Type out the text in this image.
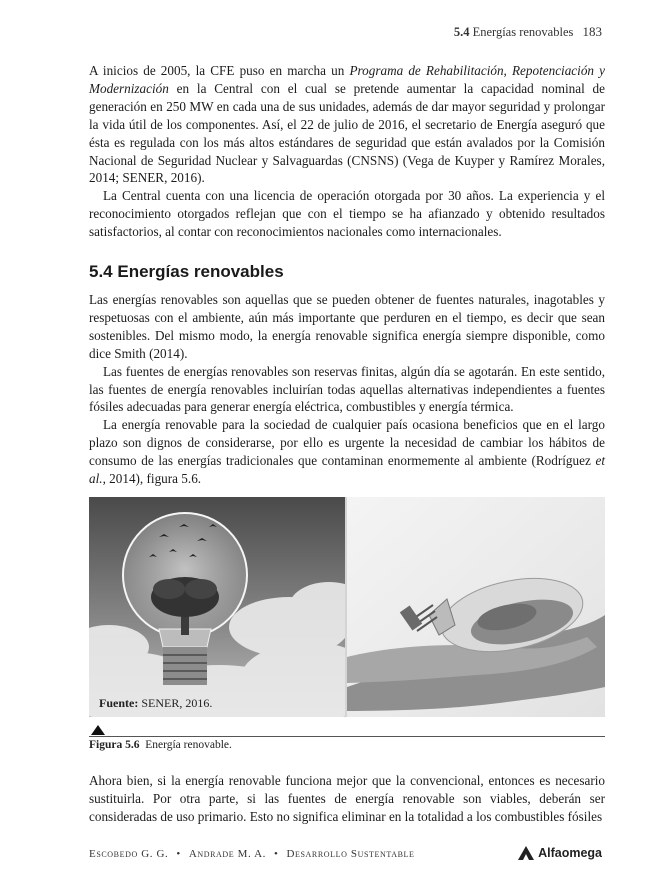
5.4 Energías renovables 183

A inicios de 2005, la CFE puso en marcha un Programa de Rehabilitación, Repotenciación y Modernización en la Central con el cual se pretende aumentar la capacidad nominal de generación en 250 MW en cada una de sus unidades, además de dar mayor seguridad y prolongar la vida útil de los componentes. Así, el 22 de julio de 2016, el secretario de Energía aseguró que ésta es regulada con los más altos estándares de seguridad que están avalados por la Comisión Nacional de Seguridad Nuclear y Salvaguardas (CNSNS) (Vega de Kuyper y Ramírez Morales, 2014; SENER, 2016).

La Central cuenta con una licencia de operación otorgada por 30 años. La experiencia y el reconocimiento otorgados reflejan que con el tiempo se ha afianzado y obtenido resultados satisfactorios, al contar con reconocimientos nacionales como internacionales.

5.4 Energías renovables

Las energías renovables son aquellas que se pueden obtener de fuentes naturales, inagotables y respetuosas con el ambiente, aún más importante que perduren en el tiempo, es decir que sean sostenibles. Del mismo modo, la energía renovable significa energía siempre disponible, como dice Smith (2014).

Las fuentes de energías renovables son reservas finitas, algún día se agotarán. En este sentido, las fuentes de energía renovables incluirían todas aquellas alternativas independientes a fuentes fósiles adecuadas para generar energía eléctrica, combustibles y energía térmica.

La energía renovable para la sociedad de cualquier país ocasiona beneficios que en el largo plazo son dignos de considerarse, por ello es urgente la necesidad de cambiar los hábitos de consumo de las energías tradicionales que contaminan enormemente al ambiente (Rodríguez et al., 2014), figura 5.6.

Fuente: SENER, 2016.
Figura 5.6 Energía renovable.

Ahora bien, si la energía renovable funciona mejor que la convencional, entonces es necesario sustituirla. Por otra parte, si las fuentes de energía renovable son viables, deberán ser consideradas de uso primario. Esto no significa eliminar en la totalidad a los combustibles fósiles

Escobedo G. G. • Andrade M. A. • Desarrollo Sustentable	Alfaomega
